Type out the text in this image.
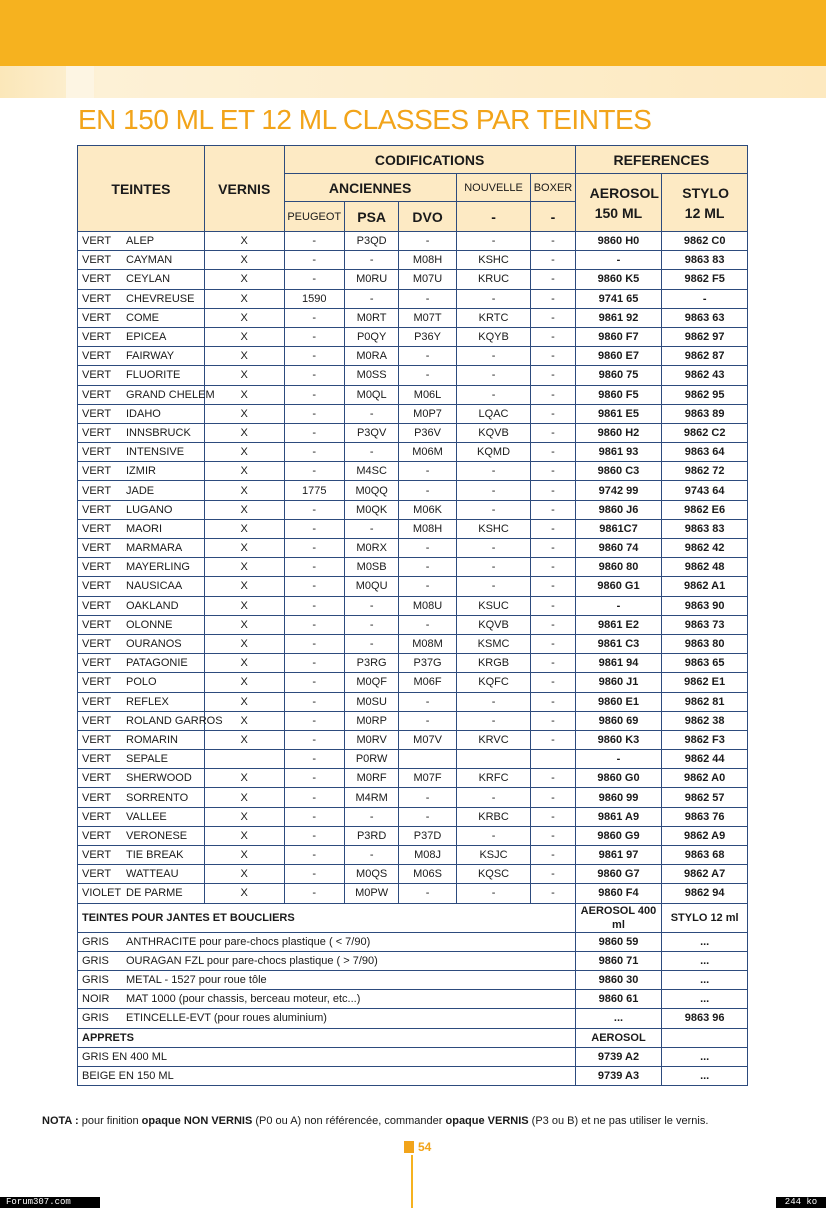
EN 150 ML ET 12 ML CLASSES PAR TEINTES
TEINTES	VERNIS	CODIFICATIONS					REFERENCES	
		ANCIENNES			NOUVELLE	BOXER	AEROSOL 150 ML	STYLO 12 ML
		PEUGEOT	PSA	DVO	-	-		
VERT ALEP	X	-	P3QD	-	-	-	9860 H0	9862 C0
VERT CAYMAN	X	-	-	M08H	KSHC	-	-	9863 83
VERT CEYLAN	X	-	M0RU	M07U	KRUC	-	9860 K5	9862 F5
VERT CHEVREUSE	X	1590	-	-	-	-	9741 65	-
VERT COME	X	-	M0RT	M07T	KRTC	-	9861 92	9863 63
VERT EPICEA	X	-	P0QY	P36Y	KQYB	-	9860 F7	9862 97
VERT FAIRWAY	X	-	M0RA	-	-	-	9860 E7	9862 87
VERT FLUORITE	X	-	M0SS	-	-	-	9860 75	9862 43
VERT GRAND CHELEM	X	-	M0QL	M06L	-	-	9860 F5	9862 95
VERT IDAHO	X	-	-	M0P7	LQAC	-	9861 E5	9863 89
VERT INNSBRUCK	X	-	P3QV	P36V	KQVB	-	9860 H2	9862 C2
VERT INTENSIVE	X	-	-	M06M	KQMD	-	9861 93	9863 64
VERT IZMIR	X	-	M4SC	-	-	-	9860 C3	9862 72
VERT JADE	X	1775	M0QQ	-	-	-	9742 99	9743 64
VERT LUGANO	X	-	M0QK	M06K	-	-	9860 J6	9862 E6
VERT MAORI	X	-	-	M08H	KSHC	-	9861C7	9863 83
VERT MARMARA	X	-	M0RX	-	-	-	9860 74	9862 42
VERT MAYERLING	X	-	M0SB	-	-	-	9860 80	9862 48
VERT NAUSICAA	X	-	M0QU	-	-	-	9860 G1	9862 A1
VERT OAKLAND	X	-	-	M08U	KSUC	-	-	9863 90
VERT OLONNE	X	-	-	-	KQVB	-	9861 E2	9863 73
VERT OURANOS	X	-	-	M08M	KSMC	-	9861 C3	9863 80
VERT PATAGONIE	X	-	P3RG	P37G	KRGB	-	9861 94	9863 65
VERT POLO	X	-	M0QF	M06F	KQFC	-	9860 J1	9862 E1
VERT REFLEX	X	-	M0SU	-	-	-	9860 E1	9862 81
VERT ROLAND GARROS	X	-	M0RP	-	-	-	9860 69	9862 38
VERT ROMARIN	X	-	M0RV	M07V	KRVC	-	9860 K3	9862 F3
VERT SEPALE		-	P0RW				-	9862 44
VERT SHERWOOD	X	-	M0RF	M07F	KRFC	-	9860 G0	9862 A0
VERT SORRENTO	X	-	M4RM	-	-	-	9860 99	9862 57
VERT VALLEE	X	-	-	-	KRBC	-	9861 A9	9863 76
VERT VERONESE	X	-	P3RD	P37D	-	-	9860 G9	9862 A9
VERT TIE BREAK	X	-	-	M08J	KSJC	-	9861 97	9863 68
VERT WATTEAU	X	-	M0QS	M06S	KQSC	-	9860 G7	9862 A7
VIOLET DE PARME	X	-	M0PW	-	-	-	9860 F4	9862 94
TEINTES POUR JANTES ET BOUCLIERS							AEROSOL 400 ml	STYLO 12 ml
GRIS ANTHRACITE pour pare-chocs plastique ( < 7/90)							9860 59	...
GRIS OURAGAN FZL pour pare-chocs plastique ( > 7/90)							9860 71	...
GRIS METAL - 1527 pour roue tôle							9860 30	...
NOIR MAT 1000 (pour chassis, berceau moteur, etc...)							9860 61	...
GRIS ETINCELLE-EVT (pour roues aluminium)							...	9863 96
APPRETS							AEROSOL	
GRIS EN 400 ML							9739 A2	...
BEIGE EN 150 ML							9739 A3	...
NOTA : pour finition opaque NON VERNIS (P0 ou A) non référencée, commander opaque VERNIS (P3 ou B) et ne pas utiliser le vernis.
54
Forum307.com	244 ko
